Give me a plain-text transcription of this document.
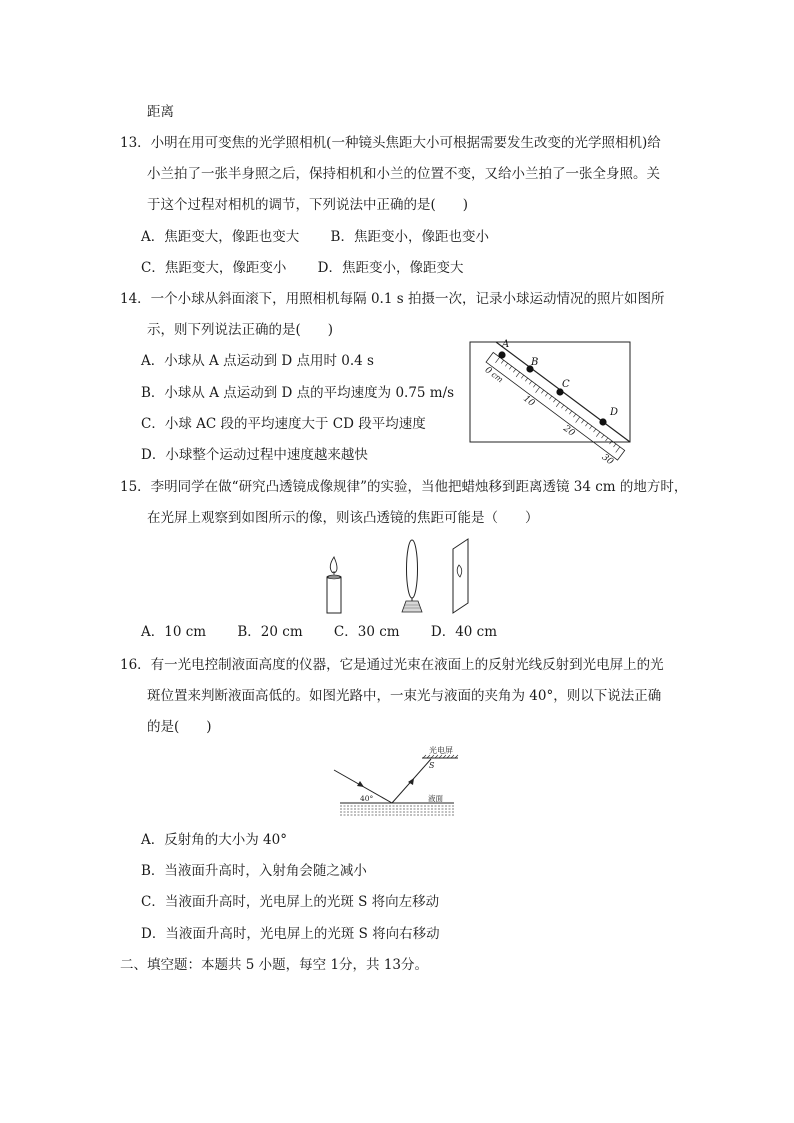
距离
13．小明在用可变焦的光学照相机(一种镜头焦距大小可根据需要发生改变的光学照相机)给
小兰拍了一张半身照之后，保持相机和小兰的位置不变，又给小兰拍了一张全身照。关
于这个过程对相机的调节，下列说法中正确的是(　　)
A．焦距变大，像距也变大　　 B．焦距变小，像距也变小
C．焦距变大，像距变小　　 D．焦距变小，像距变大
14．一个小球从斜面滚下，用照相机每隔 0.1 s 拍摄一次，记录小球运动情况的照片如图所
示，则下列说法正确的是(　　)
A．小球从 A 点运动到 D 点用时 0.4 s
B．小球从 A 点运动到 D 点的平均速度为 0.75 m/s
C．小球 AC 段的平均速度大于 CD 段平均速度
D．小球整个运动过程中速度越来越快
0
cm
10
20
30
A
B
C
D
15．李明同学在做“研究凸透镜成像规律”的实验，当他把蜡烛移到距离透镜 34 cm 的地方时，
在光屏上观察到如图所示的像，则该凸透镜的焦距可能是（　　）
A．10 cm　　 B．20 cm　　 C．30 cm　　 D．40 cm
16．有一光电控制液面高度的仪器，它是通过光束在液面上的反射光线反射到光电屏上的光
斑位置来判断液面高低的。如图光路中，一束光与液面的夹角为 40°，则以下说法正确
的是(　　)
光电屏
S
40°	液面
A．反射角的大小为 40°
B．当液面升高时，入射角会随之减小
C．当液面升高时，光电屏上的光斑 S 将向左移动
D．当液面升高时，光电屏上的光斑 S 将向右移动
二、填空题：本题共 5 小题，每空 1分，共 13分。
